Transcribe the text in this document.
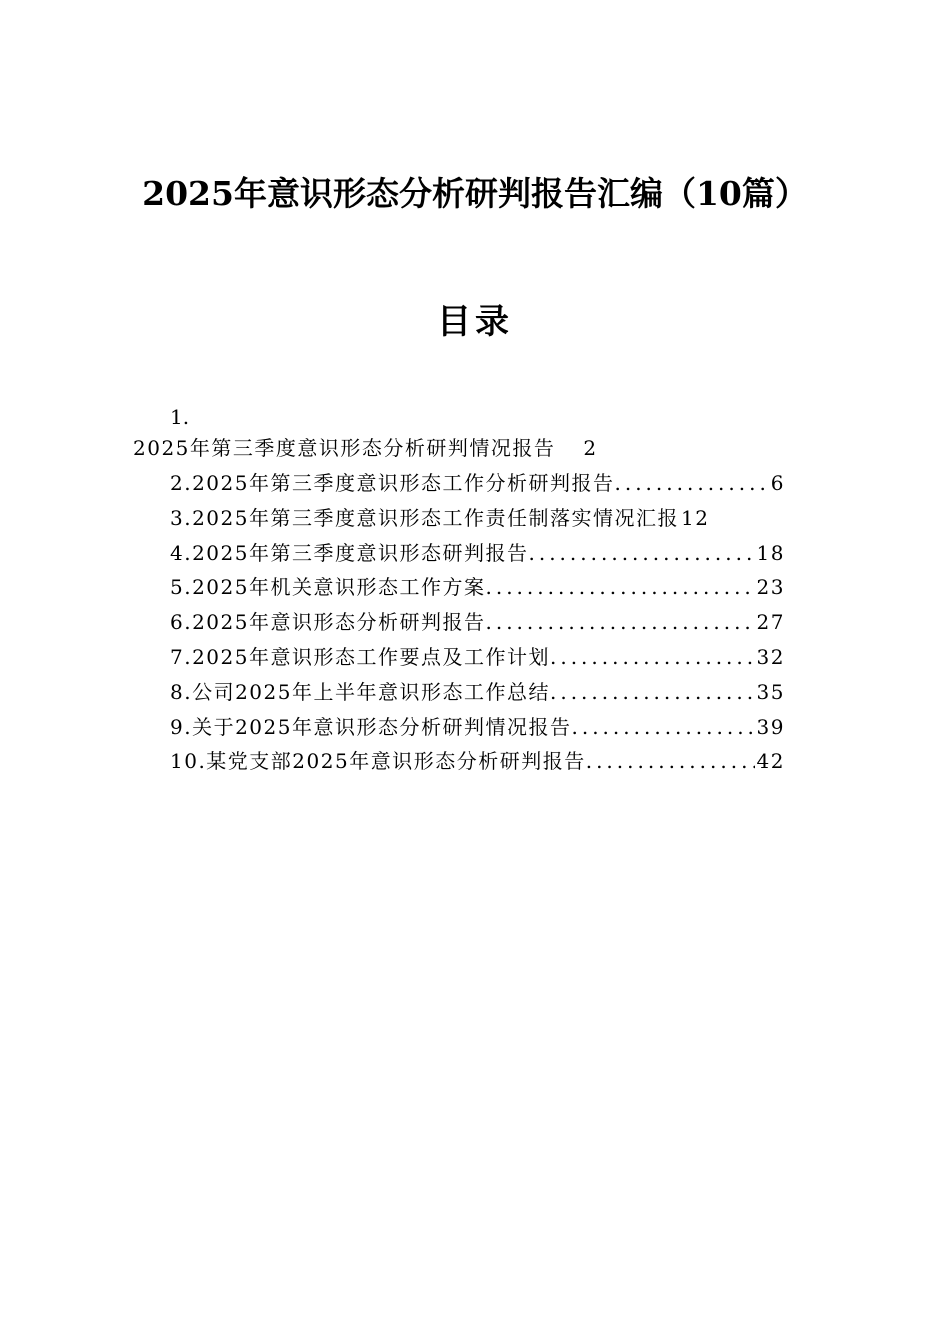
2025年意识形态分析研判报告汇编（10篇）
目录
1.
2025年第三季度意识形态分析研判情况报告 2
2.2025年第三季度意识形态工作分析研判报告 .....	6
3.2025年第三季度意识形态工作责任制落实情况汇报 12
4.2025年第三季度意识形态研判报告 .....	18
5.2025年机关意识形态工作方案 .....	23
6.2025年意识形态分析研判报告 .....	27
7.2025年意识形态工作要点及工作计划 .....	32
8.公司2025年上半年意识形态工作总结 .....	35
9.关于2025年意识形态分析研判情况报告 .....	39
10.某党支部2025年意识形态分析研判报告 .....	42
